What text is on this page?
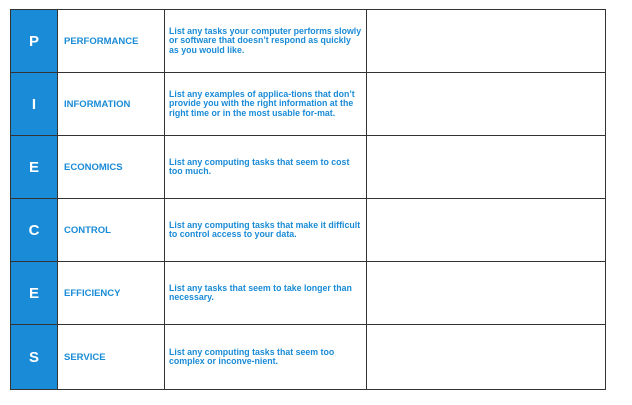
P	PERFORMANCE	List any tasks your computer performs slowly or software that doesn’t respond as quickly as you would like.	
I	INFORMATION	List any examples of applica-tions that don’t provide you with the right information at the right time or in the most usable for-mat.	
E	ECONOMICS	List any computing tasks that seem to cost too much.	
C	CONTROL	List any computing tasks that make it difficult to control access to your data.	
E	EFFICIENCY	List any tasks that seem to take longer than necessary.	
S	SERVICE	List any computing tasks that seem too complex or inconve-nient.	
